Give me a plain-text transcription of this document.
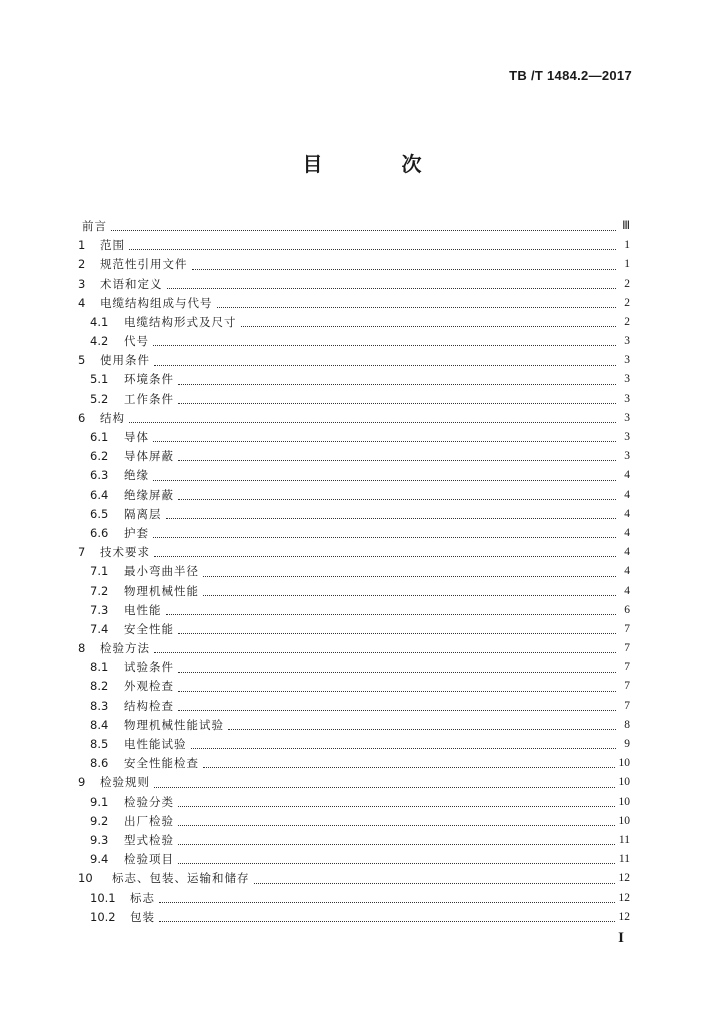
TB /T 1484.2—2017
目 次
前言	Ⅲ
1	范围	1
2	规范性引用文件	1
3	术语和定义	2
4	电缆结构组成与代号	2
4.1	电缆结构形式及尺寸	2
4.2	代号	3
5	使用条件	3
5.1	环境条件	3
5.2	工作条件	3
6	结构	3
6.1	导体	3
6.2	导体屏蔽	3
6.3	绝缘	4
6.4	绝缘屏蔽	4
6.5	隔离层	4
6.6	护套	4
7	技术要求	4
7.1	最小弯曲半径	4
7.2	物理机械性能	4
7.3	电性能	6
7.4	安全性能	7
8	检验方法	7
8.1	试验条件	7
8.2	外观检查	7
8.3	结构检查	7
8.4	物理机械性能试验	8
8.5	电性能试验	9
8.6	安全性能检查	10
9	检验规则	10
9.1	检验分类	10
9.2	出厂检验	10
9.3	型式检验	11
9.4	检验项目	11
10	标志、包装、运输和储存	12
10.1	标志	12
10.2	包装	12
I
